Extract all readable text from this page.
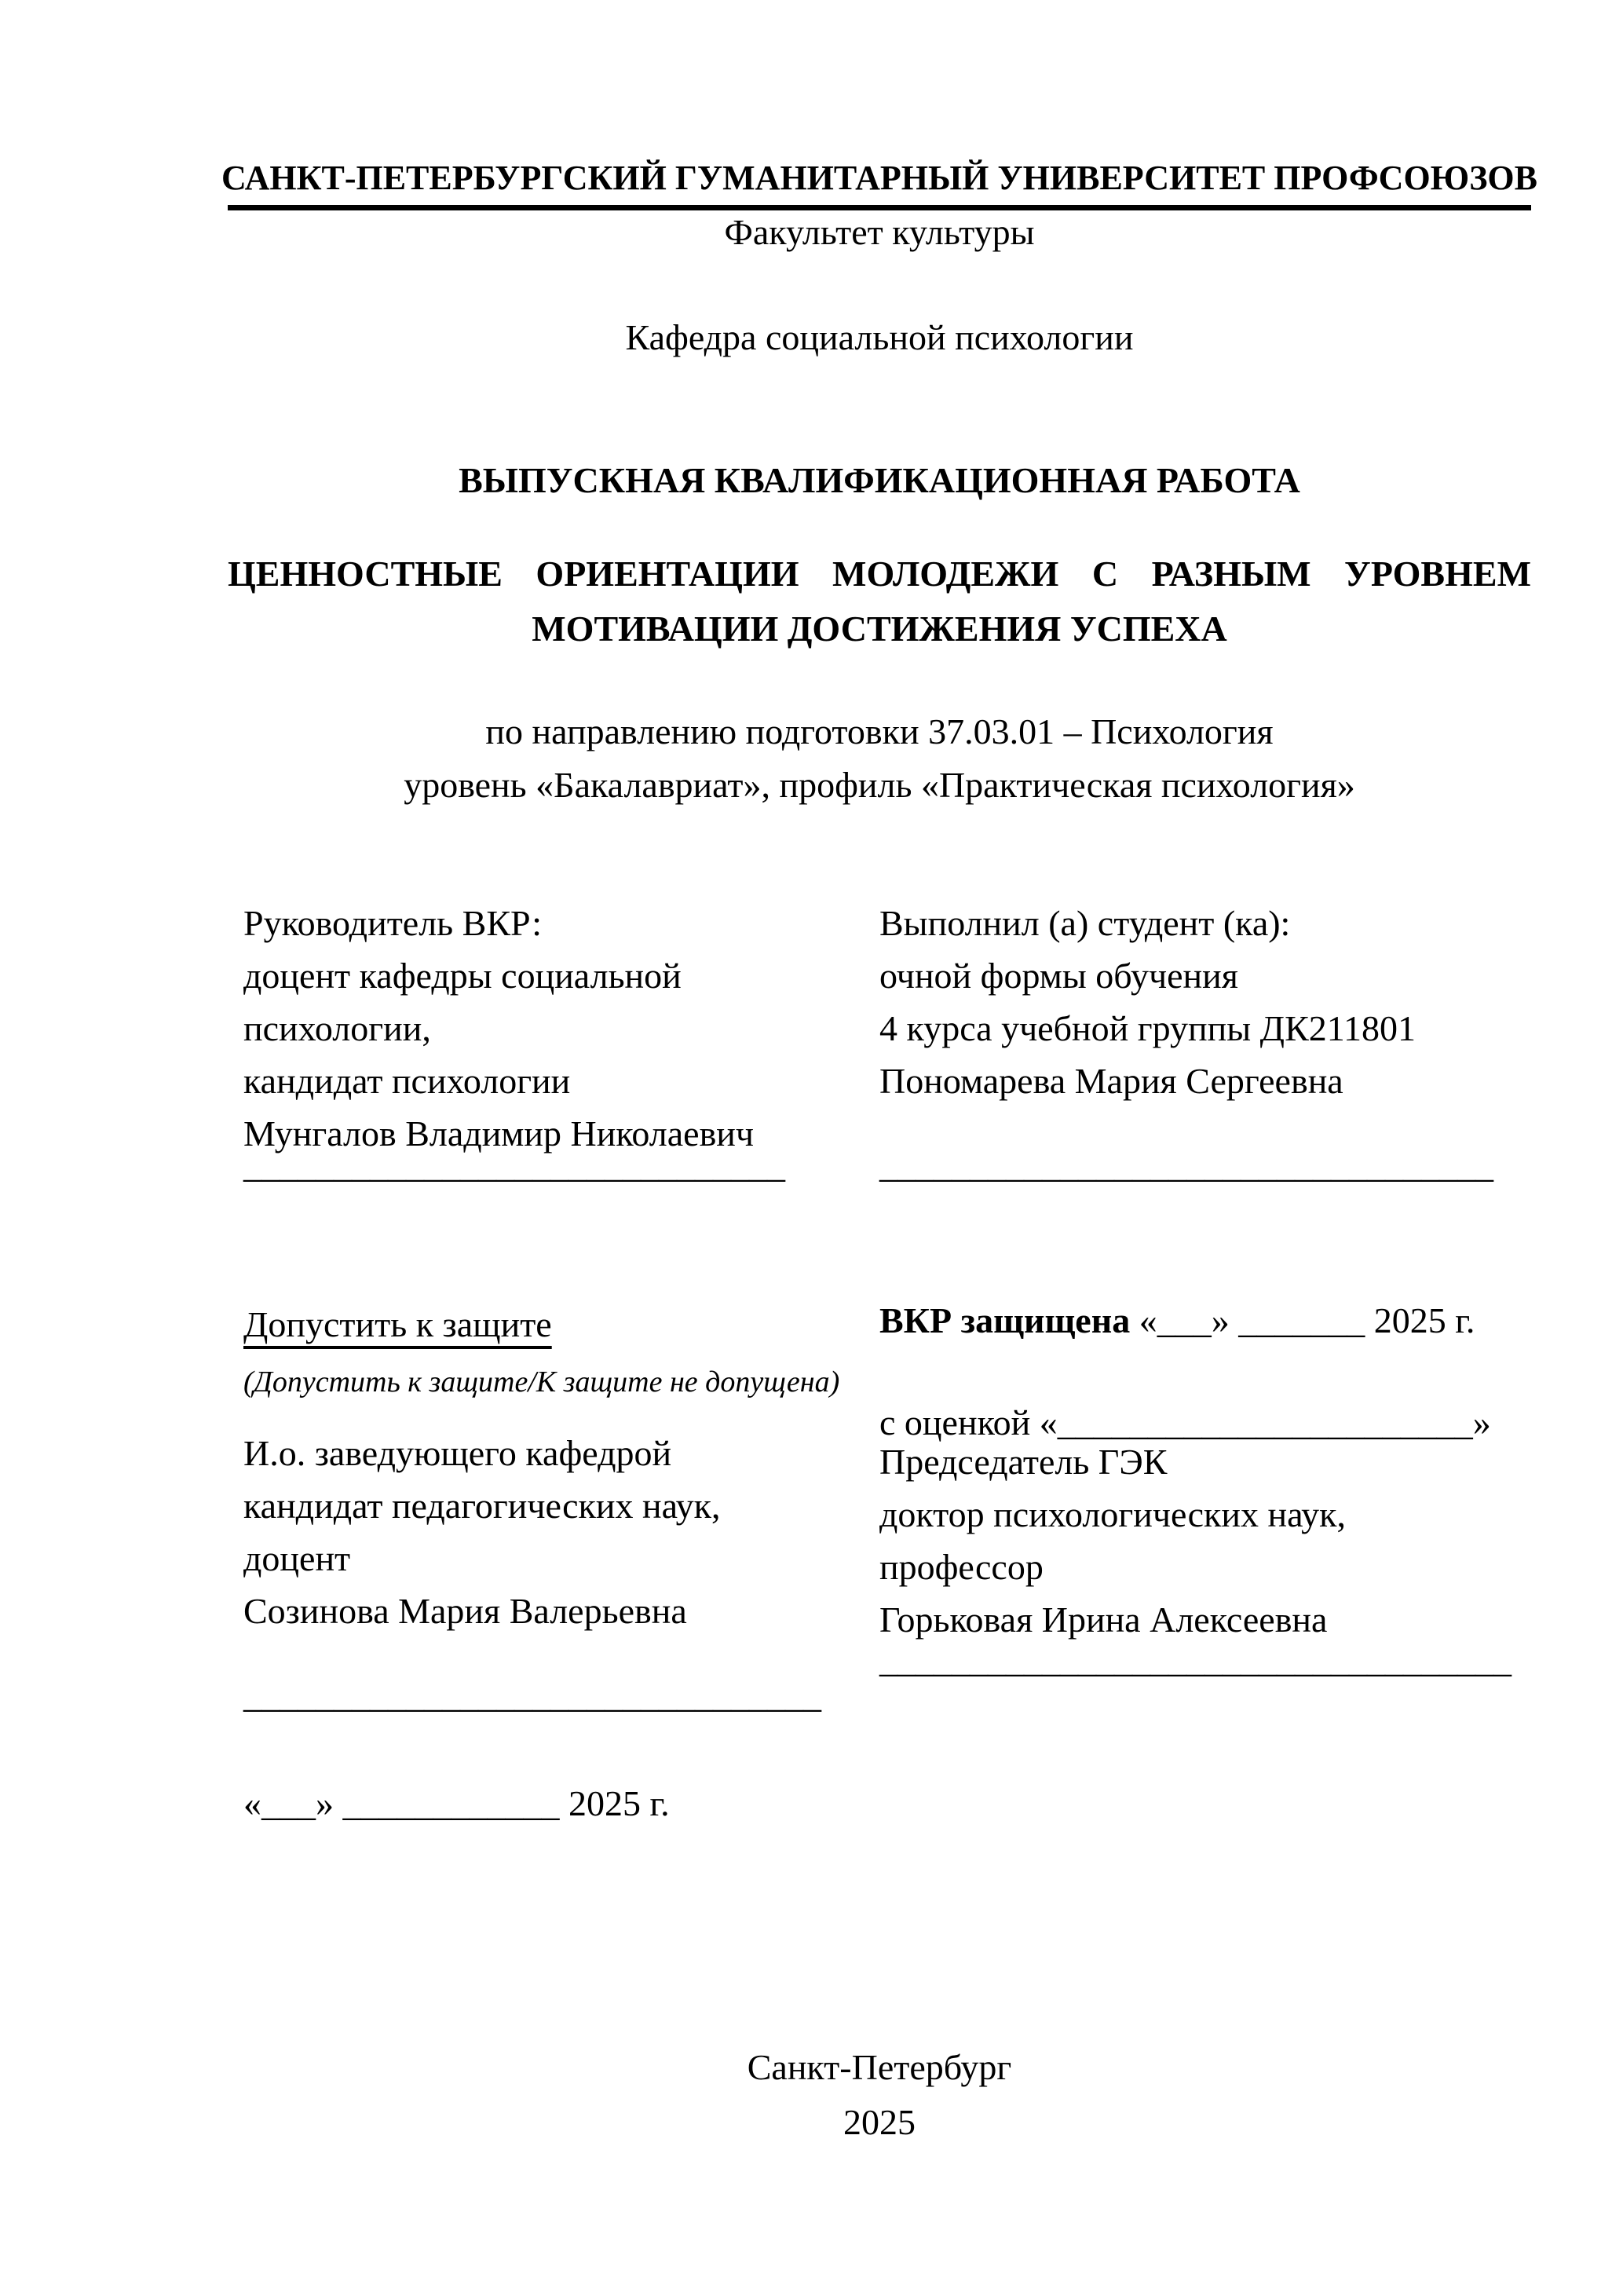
САНКТ-ПЕТЕРБУРГСКИЙ ГУМАНИТАРНЫЙ УНИВЕРСИТЕТ ПРОФСОЮЗОВ
Факультет культуры
Кафедра социальной психологии
ВЫПУСКНАЯ КВАЛИФИКАЦИОННАЯ РАБОТА
ЦЕННОСТНЫЕ ОРИЕНТАЦИИ МОЛОДЕЖИ С РАЗНЫМ УРОВНЕМ
МОТИВАЦИИ ДОСТИЖЕНИЯ УСПЕХА
по направлению подготовки 37.03.01 – Психология
уровень «Бакалавриат», профиль «Практическая психология»
Руководитель ВКР:
доцент кафедры социальной
психологии,
кандидат психологии
Мунгалов Владимир Николаевич
______________________________
Выполнил (а) студент (ка):
очной формы обучения
4 курса учебной группы ДК211801
Пономарева Мария Сергеевна
__________________________________
Допустить к защите
(Допустить к защите/К защите не допущена)
И.о. заведующего кафедрой
кандидат педагогических наук,
доцент
Созинова Мария Валерьевна
________________________________
«___» ____________ 2025 г.
ВКР защищена «___» _______ 2025 г.
с оценкой «_______________________»
Председатель ГЭК
доктор психологических наук,
профессор
Горьковая Ирина Алексеевна
___________________________________
Санкт-Петербург
2025
